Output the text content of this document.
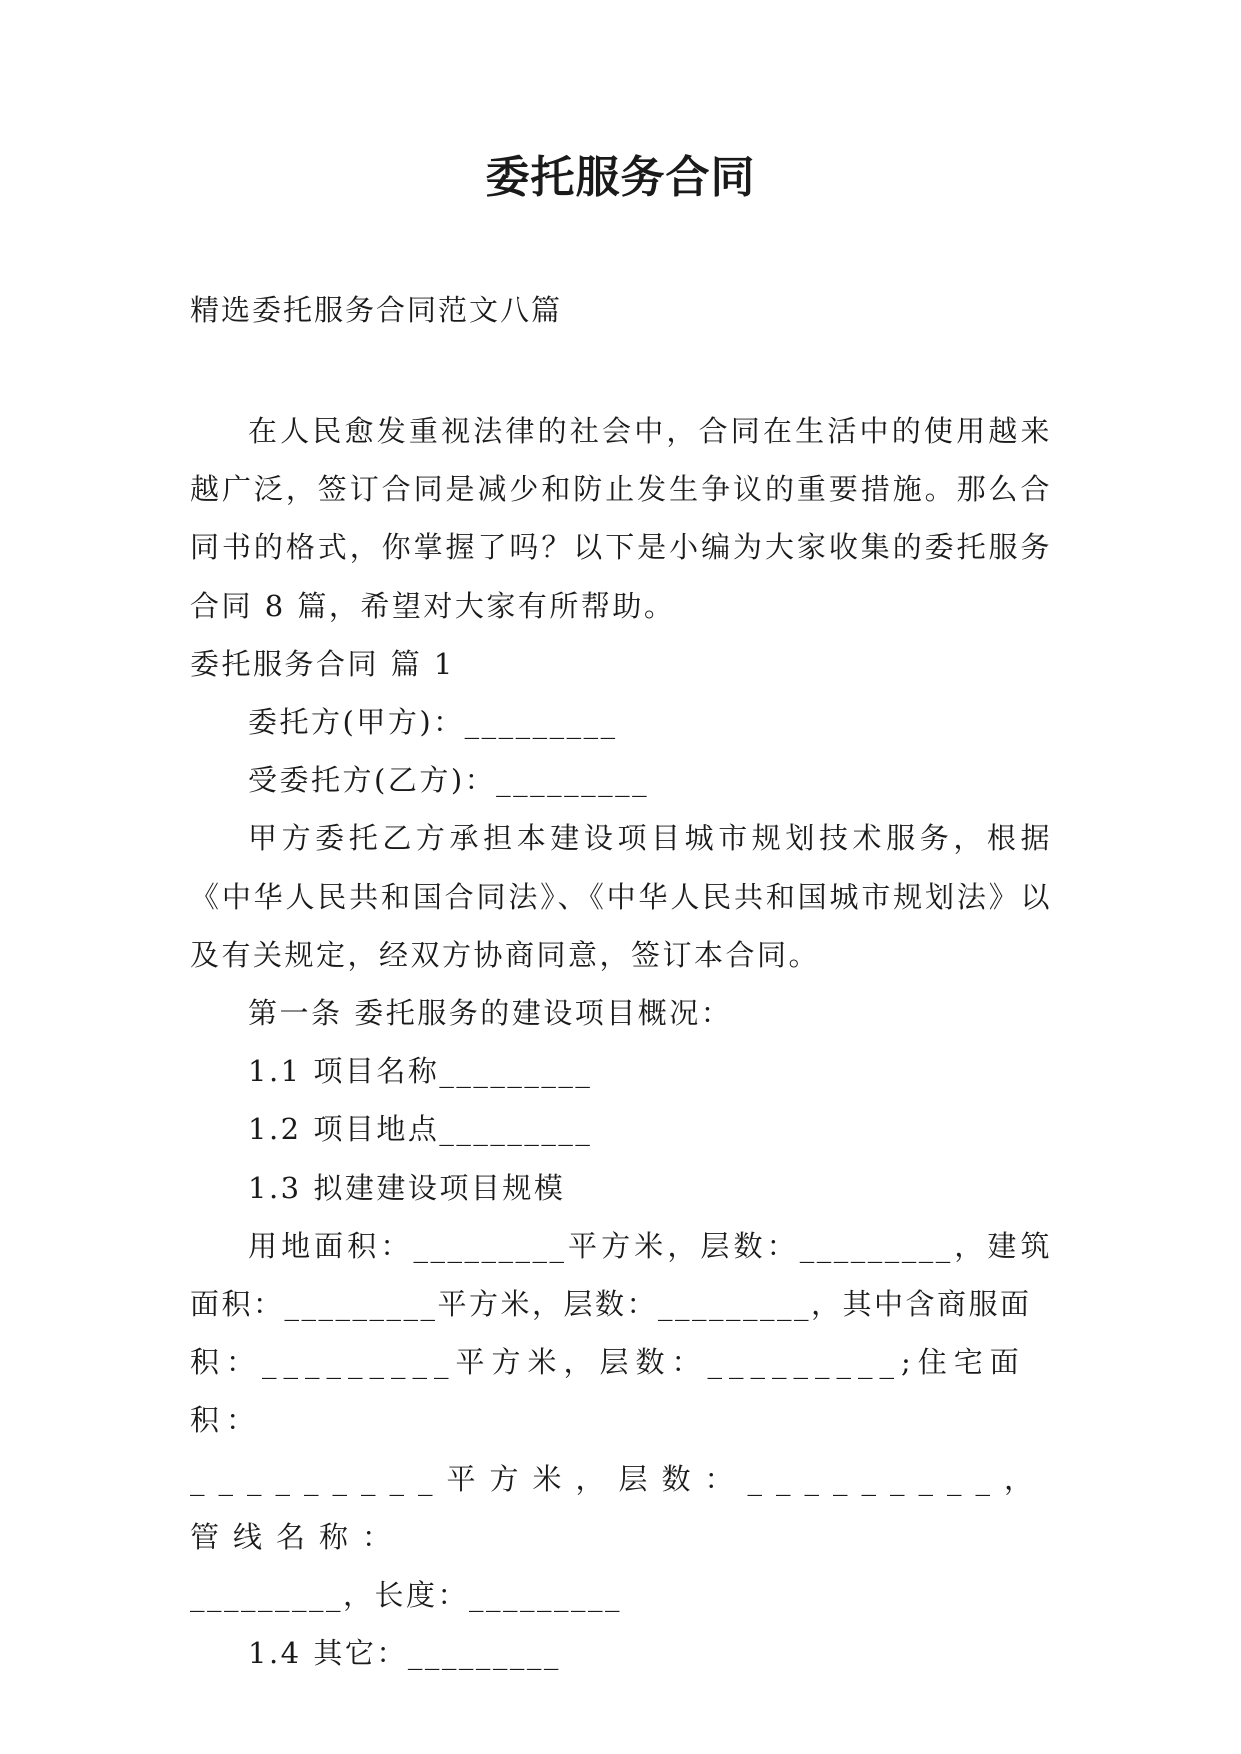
委托服务合同
精选委托服务合同范文八篇

在人民愈发重视法律的社会中，合同在生活中的使用越来越广泛，签订合同是减少和防止发生争议的重要措施。那么合同书的格式，你掌握了吗？以下是小编为大家收集的委托服务合同 8 篇，希望对大家有所帮助。

委托服务合同 篇 1

委托方(甲方)：_________

受委托方(乙方)：_________

甲方委托乙方承担本建设项目城市规划技术服务，根据《中华人民共和国合同法》、《中华人民共和国城市规划法》以及有关规定，经双方协商同意，签订本合同。

第一条 委托服务的建设项目概况：

1.1 项目名称_________

1.2 项目地点_________

1.3 拟建建设项目规模

用地面积：_________平方米，层数：_________，建筑面积：_________平方米，层数：_________，其中含商服面

积：_________平方米，层数：_________;住宅面积：

_________平方米，层数：_________，管线名称：

_________，长度：_________

1.4 其它：_________
